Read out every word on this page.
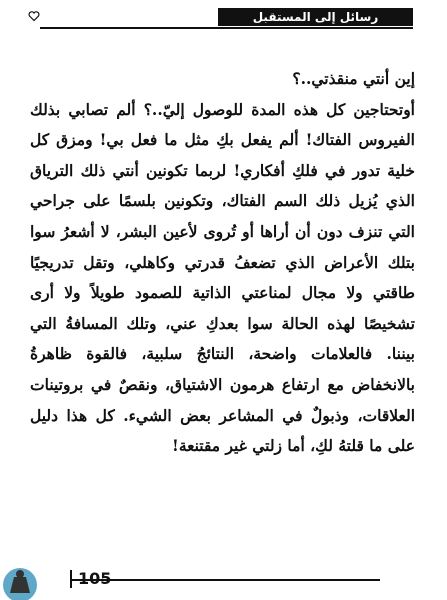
رسائل إلى المستقبل

إين أنتي منقذتي..؟

أوتحتاجين كل هذه المدة للوصول إليّ..؟ ألم تصابي بذلك الفيروس الفتاك! ألم يفعل بكِ مثل ما فعل بي! ومزق كل خلية تدور في فلكِ أفكاري! لربما تكونين أنتي ذلك الترياق الذي يُزيل ذلك السم الفتاك، وتكونين بلسمًا على جراحي التي تنزف دون أن أراها أو تُروى لأعين البشر، لا أشعرُ سوا بتلك الأعراض الذي تضعفُ قدرتي وكاهلي، وتقل تدريجيًا طاقتي ولا مجال لمناعتي الذاتية للصمود طويلاً ولا أرى تشخيصًا لهذه الحالة سوا بعدكِ عني، وتلك المسافةُ التي بيننا. فالعلامات واضحة، النتائجُ سلبية، فالقوة ظاهرةُ بالانخفاض مع ارتفاع هرمون الاشتياق، ونقصٌ في بروتينات العلاقات، وذبولٌ في المشاعر بعض الشيء. كل هذا دليل على ما قلتهُ لكِ، أما زلتي غير مقتنعة!

105
